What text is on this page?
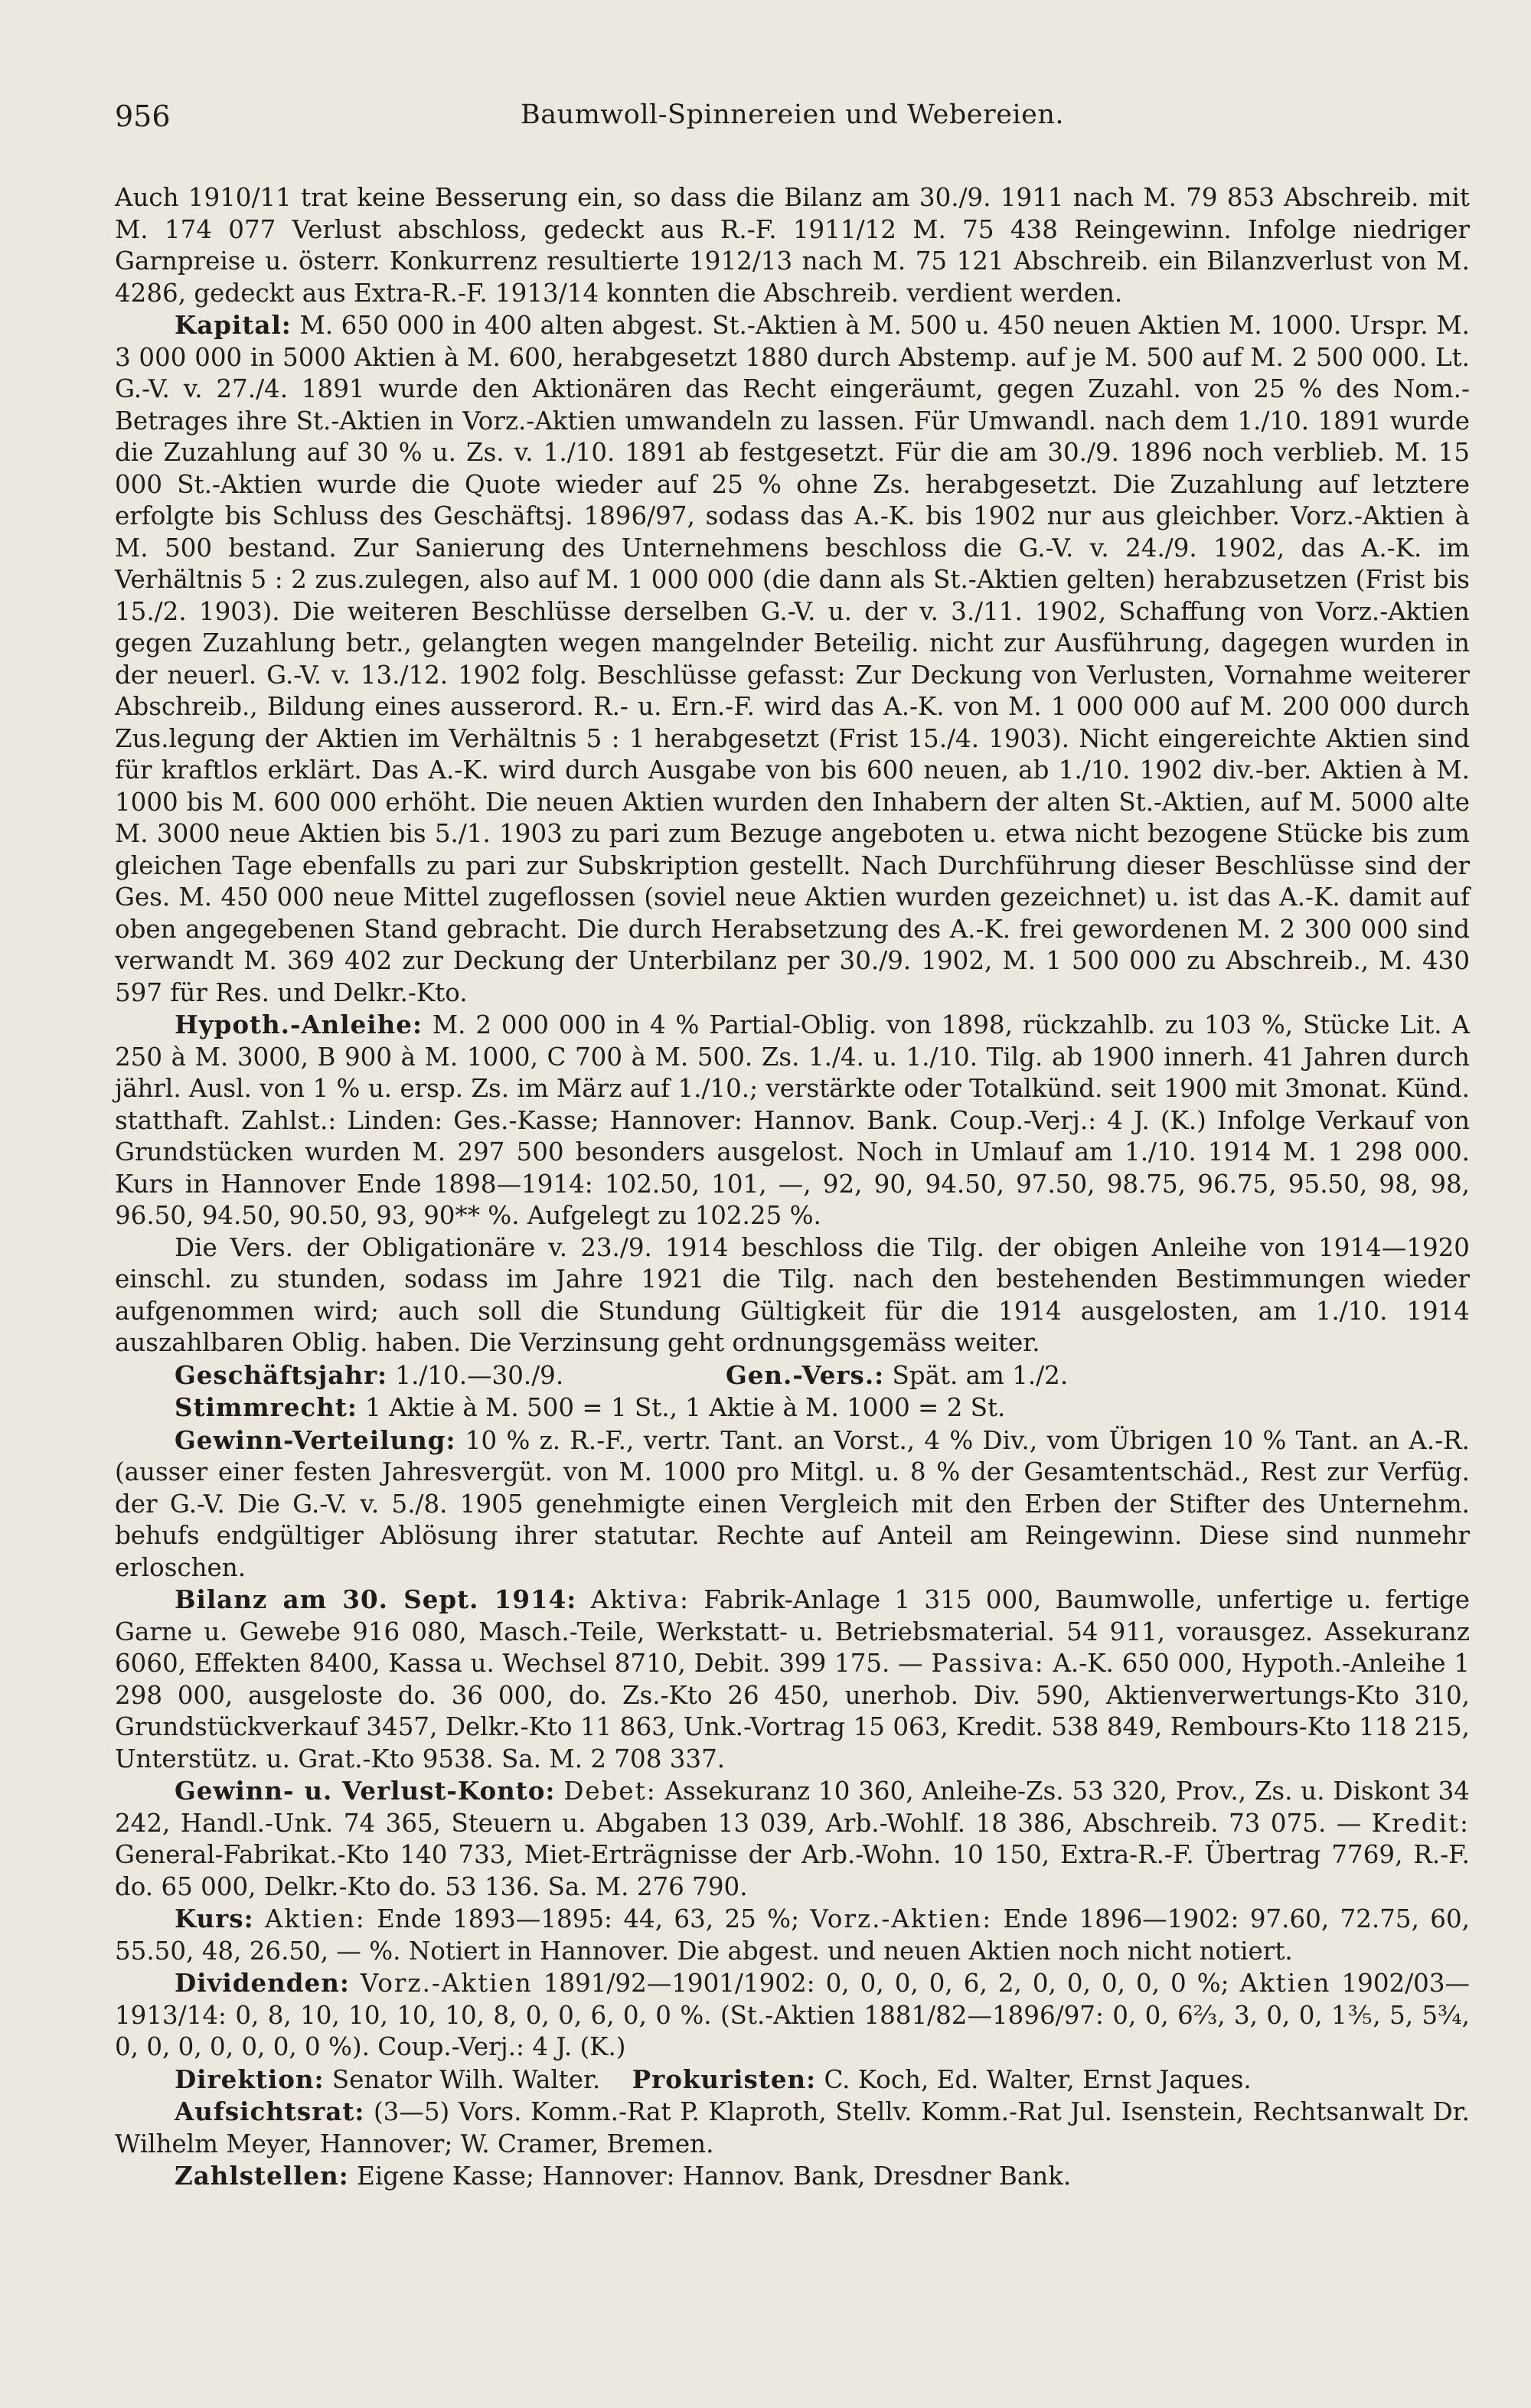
956	Baumwoll-Spinnereien und Webereien.

Auch 1910/11 trat keine Besserung ein, so dass die Bilanz am 30./9. 1911 nach M. 79 853 Abschreib. mit M. 174 077 Verlust abschloss, gedeckt aus R.-F. 1911/12 M. 75 438 Reingewinn. Infolge niedriger Garnpreise u. österr. Konkurrenz resultierte 1912/13 nach M. 75 121 Abschreib. ein Bilanzverlust von M. 4286, gedeckt aus Extra-R.-F. 1913/14 konnten die Abschreib. verdient werden.

Kapital: M. 650 000 in 400 alten abgest. St.-Aktien à M. 500 u. 450 neuen Aktien M. 1000. Urspr. M. 3 000 000 in 5000 Aktien à M. 600, herabgesetzt 1880 durch Abstemp. auf je M. 500 auf M. 2 500 000. Lt. G.-V. v. 27./4. 1891 wurde den Aktionären das Recht eingeräumt, gegen Zuzahl. von 25 % des Nom.-Betrages ihre St.-Aktien in Vorz.-Aktien umwandeln zu lassen. Für Umwandl. nach dem 1./10. 1891 wurde die Zuzahlung auf 30 % u. Zs. v. 1./10. 1891 ab festgesetzt. Für die am 30./9. 1896 noch verblieb. M. 15 000 St.-Aktien wurde die Quote wieder auf 25 % ohne Zs. herabgesetzt. Die Zuzahlung auf letztere erfolgte bis Schluss des Geschäftsj. 1896/97, sodass das A.-K. bis 1902 nur aus gleichber. Vorz.-Aktien à M. 500 bestand. Zur Sanierung des Unternehmens beschloss die G.-V. v. 24./9. 1902, das A.-K. im Verhältnis 5 : 2 zus.zulegen, also auf M. 1 000 000 (die dann als St.-Aktien gelten) herabzusetzen (Frist bis 15./2. 1903). Die weiteren Beschlüsse derselben G.-V. u. der v. 3./11. 1902, Schaffung von Vorz.-Aktien gegen Zuzahlung betr., gelangten wegen mangelnder Beteilig. nicht zur Ausführung, dagegen wurden in der neuerl. G.-V. v. 13./12. 1902 folg. Beschlüsse gefasst: Zur Deckung von Verlusten, Vornahme weiterer Abschreib., Bildung eines ausserord. R.- u. Ern.-F. wird das A.-K. von M. 1 000 000 auf M. 200 000 durch Zus.legung der Aktien im Verhältnis 5 : 1 herabgesetzt (Frist 15./4. 1903). Nicht eingereichte Aktien sind für kraftlos erklärt. Das A.-K. wird durch Ausgabe von bis 600 neuen, ab 1./10. 1902 div.-ber. Aktien à M. 1000 bis M. 600 000 erhöht. Die neuen Aktien wurden den Inhabern der alten St.-Aktien, auf M. 5000 alte M. 3000 neue Aktien bis 5./1. 1903 zu pari zum Bezuge angeboten u. etwa nicht bezogene Stücke bis zum gleichen Tage ebenfalls zu pari zur Subskription gestellt. Nach Durchführung dieser Beschlüsse sind der Ges. M. 450 000 neue Mittel zugeflossen (soviel neue Aktien wurden gezeichnet) u. ist das A.-K. damit auf oben angegebenen Stand gebracht. Die durch Herabsetzung des A.-K. frei gewordenen M. 2 300 000 sind verwandt M. 369 402 zur Deckung der Unterbilanz per 30./9. 1902, M. 1 500 000 zu Abschreib., M. 430 597 für Res. und Delkr.-Kto.

Hypoth.-Anleihe: M. 2 000 000 in 4 % Partial-Oblig. von 1898, rückzahlb. zu 103 %, Stücke Lit. A 250 à M. 3000, B 900 à M. 1000, C 700 à M. 500. Zs. 1./4. u. 1./10. Tilg. ab 1900 innerh. 41 Jahren durch jährl. Ausl. von 1 % u. ersp. Zs. im März auf 1./10.; verstärkte oder Totalkünd. seit 1900 mit 3monat. Künd. statthaft. Zahlst.: Linden: Ges.-Kasse; Hannover: Hannov. Bank. Coup.-Verj.: 4 J. (K.) Infolge Verkauf von Grundstücken wurden M. 297 500 besonders ausgelost. Noch in Umlauf am 1./10. 1914 M. 1 298 000. Kurs in Hannover Ende 1898—1914: 102.50, 101, —, 92, 90, 94.50, 97.50, 98.75, 96.75, 95.50, 98, 98, 96.50, 94.50, 90.50, 93, 90** %. Aufgelegt zu 102.25 %.

Die Vers. der Obligationäre v. 23./9. 1914 beschloss die Tilg. der obigen Anleihe von 1914—1920 einschl. zu stunden, sodass im Jahre 1921 die Tilg. nach den bestehenden Bestimmungen wieder aufgenommen wird; auch soll die Stundung Gültigkeit für die 1914 ausgelosten, am 1./10. 1914 auszahlbaren Oblig. haben. Die Verzinsung geht ordnungsgemäss weiter.

Geschäftsjahr: 1./10.—30./9.	Gen.-Vers.: Spät. am 1./2.

Stimmrecht: 1 Aktie à M. 500 = 1 St., 1 Aktie à M. 1000 = 2 St.

Gewinn-Verteilung: 10 % z. R.-F., vertr. Tant. an Vorst., 4 % Div., vom Übrigen 10 % Tant. an A.-R. (ausser einer festen Jahresvergüt. von M. 1000 pro Mitgl. u. 8 % der Gesamtentschäd., Rest zur Verfüg. der G.-V. Die G.-V. v. 5./8. 1905 genehmigte einen Vergleich mit den Erben der Stifter des Unternehm. behufs endgültiger Ablösung ihrer statutar. Rechte auf Anteil am Reingewinn. Diese sind nunmehr erloschen.

Bilanz am 30. Sept. 1914: Aktiva: Fabrik-Anlage 1 315 000, Baumwolle, unfertige u. fertige Garne u. Gewebe 916 080, Masch.-Teile, Werkstatt- u. Betriebsmaterial. 54 911, vorausgez. Assekuranz 6060, Effekten 8400, Kassa u. Wechsel 8710, Debit. 399 175. — Passiva: A.-K. 650 000, Hypoth.-Anleihe 1 298 000, ausgeloste do. 36 000, do. Zs.-Kto 26 450, unerhob. Div. 590, Aktienverwertungs-Kto 310, Grundstückverkauf 3457, Delkr.-Kto 11 863, Unk.-Vortrag 15 063, Kredit. 538 849, Rembours-Kto 118 215, Unterstütz. u. Grat.-Kto 9538. Sa. M. 2 708 337.

Gewinn- u. Verlust-Konto: Debet: Assekuranz 10 360, Anleihe-Zs. 53 320, Prov., Zs. u. Diskont 34 242, Handl.-Unk. 74 365, Steuern u. Abgaben 13 039, Arb.-Wohlf. 18 386, Abschreib. 73 075. — Kredit: General-Fabrikat.-Kto 140 733, Miet-Erträgnisse der Arb.-Wohn. 10 150, Extra-R.-F. Übertrag 7769, R.-F. do. 65 000, Delkr.-Kto do. 53 136. Sa. M. 276 790.

Kurs: Aktien: Ende 1893—1895: 44, 63, 25 %; Vorz.-Aktien: Ende 1896—1902: 97.60, 72.75, 60, 55.50, 48, 26.50, — %. Notiert in Hannover. Die abgest. und neuen Aktien noch nicht notiert.

Dividenden: Vorz.-Aktien 1891/92—1901/1902: 0, 0, 0, 0, 6, 2, 0, 0, 0, 0, 0 %; Aktien 1902/03—1913/14: 0, 8, 10, 10, 10, 10, 8, 0, 0, 6, 0, 0 %. (St.-Aktien 1881/82—1896/97: 0, 0, 6⅔, 3, 0, 0, 1⅗, 5, 5¾, 0, 0, 0, 0, 0, 0, 0 %). Coup.-Verj.: 4 J. (K.)

Direktion: Senator Wilh. Walter. Prokuristen: C. Koch, Ed. Walter, Ernst Jaques.

Aufsichtsrat: (3—5) Vors. Komm.-Rat P. Klaproth, Stellv. Komm.-Rat Jul. Isenstein, Rechtsanwalt Dr. Wilhelm Meyer, Hannover; W. Cramer, Bremen.

Zahlstellen: Eigene Kasse; Hannover: Hannov. Bank, Dresdner Bank.
